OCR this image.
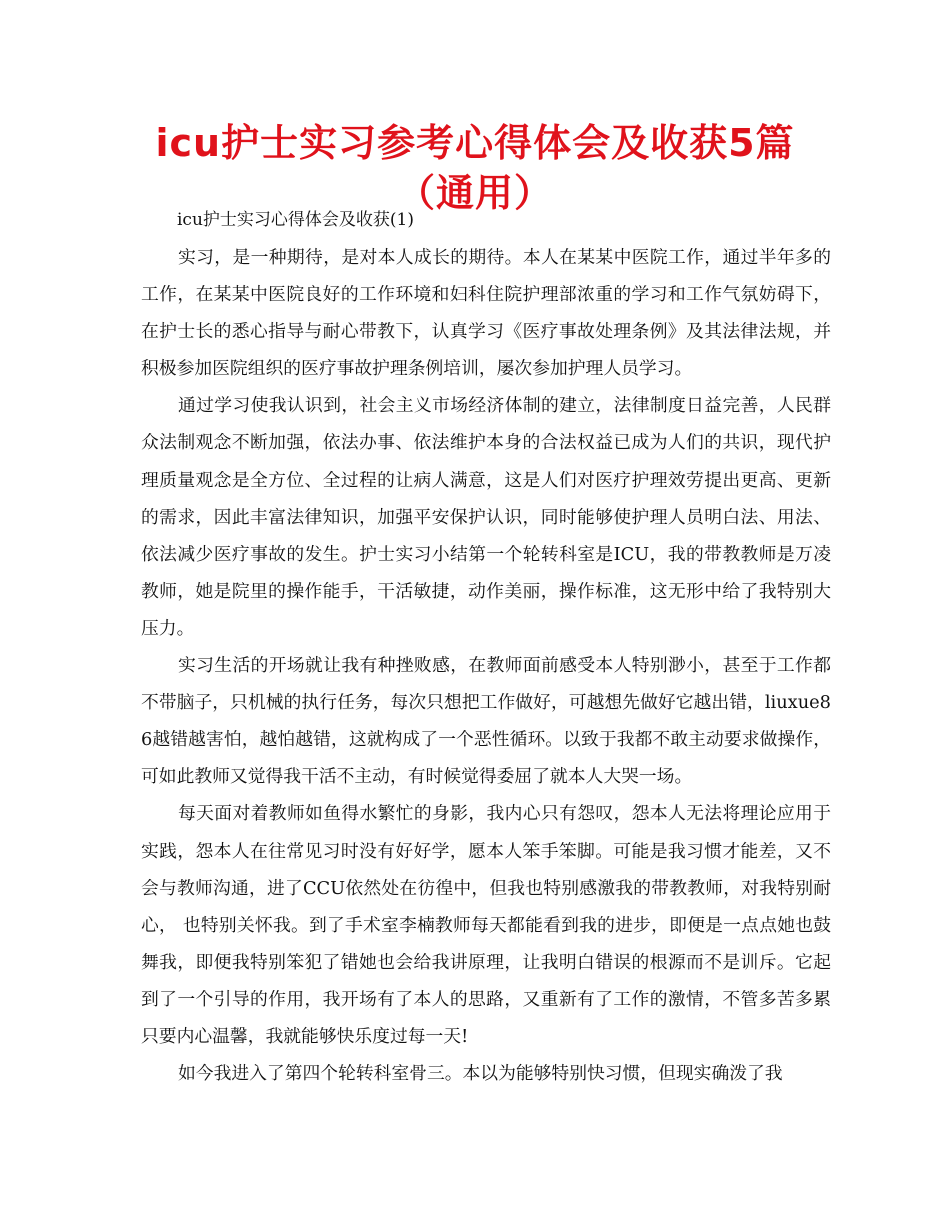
icu护士实习参考心得体会及收获5篇（通用）

icu护士实习心得体会及收获(1)

实习，是一种期待，是对本人成长的期待。本人在某某中医院工作，通过半年多的工作，在某某中医院良好的工作环境和妇科住院护理部浓重的学习和工作气氛妨碍下，在护士长的悉心指导与耐心带教下，认真学习《医疗事故处理条例》及其法律法规，并积极参加医院组织的医疗事故护理条例培训，屡次参加护理人员学习。

通过学习使我认识到，社会主义市场经济体制的建立，法律制度日益完善，人民群众法制观念不断加强，依法办事、依法维护本身的合法权益已成为人们的共识，现代护理质量观念是全方位、全过程的让病人满意，这是人们对医疗护理效劳提出更高、更新的需求，因此丰富法律知识，加强平安保护认识，同时能够使护理人员明白法、用法、依法减少医疗事故的发生。护士实习小结第一个轮转科室是ICU，我的带教教师是万凌教师，她是院里的操作能手，干活敏捷，动作美丽，操作标准，这无形中给了我特别大压力。

实习生活的开场就让我有种挫败感，在教师面前感受本人特别渺小，甚至于工作都不带脑子，只机械的执行任务，每次只想把工作做好，可越想先做好它越出错，liuxue86越错越害怕，越怕越错，这就构成了一个恶性循环。以致于我都不敢主动要求做操作， 可如此教师又觉得我干活不主动，有时候觉得委屈了就本人大哭一场。

每天面对着教师如鱼得水繁忙的身影，我内心只有怨叹，怨本人无法将理论应用于实践，怨本人在往常见习时没有好好学，愿本人笨手笨脚。可能是我习惯才能差，又不会与教师沟通，进了CCU依然处在彷徨中，但我也特别感激我的带教教师，对我特别耐心， 也特别关怀我。到了手术室李楠教师每天都能看到我的进步，即便是一点点她也鼓舞我，即便我特别笨犯了错她也会给我讲原理，让我明白错误的根源而不是训斥。它起到了一个引导的作用，我开场有了本人的思路，又重新有了工作的激情，不管多苦多累只要内心温馨，我就能够快乐度过每一天!

如今我进入了第四个轮转科室骨三。本以为能够特别快习惯，但现实确泼了我
